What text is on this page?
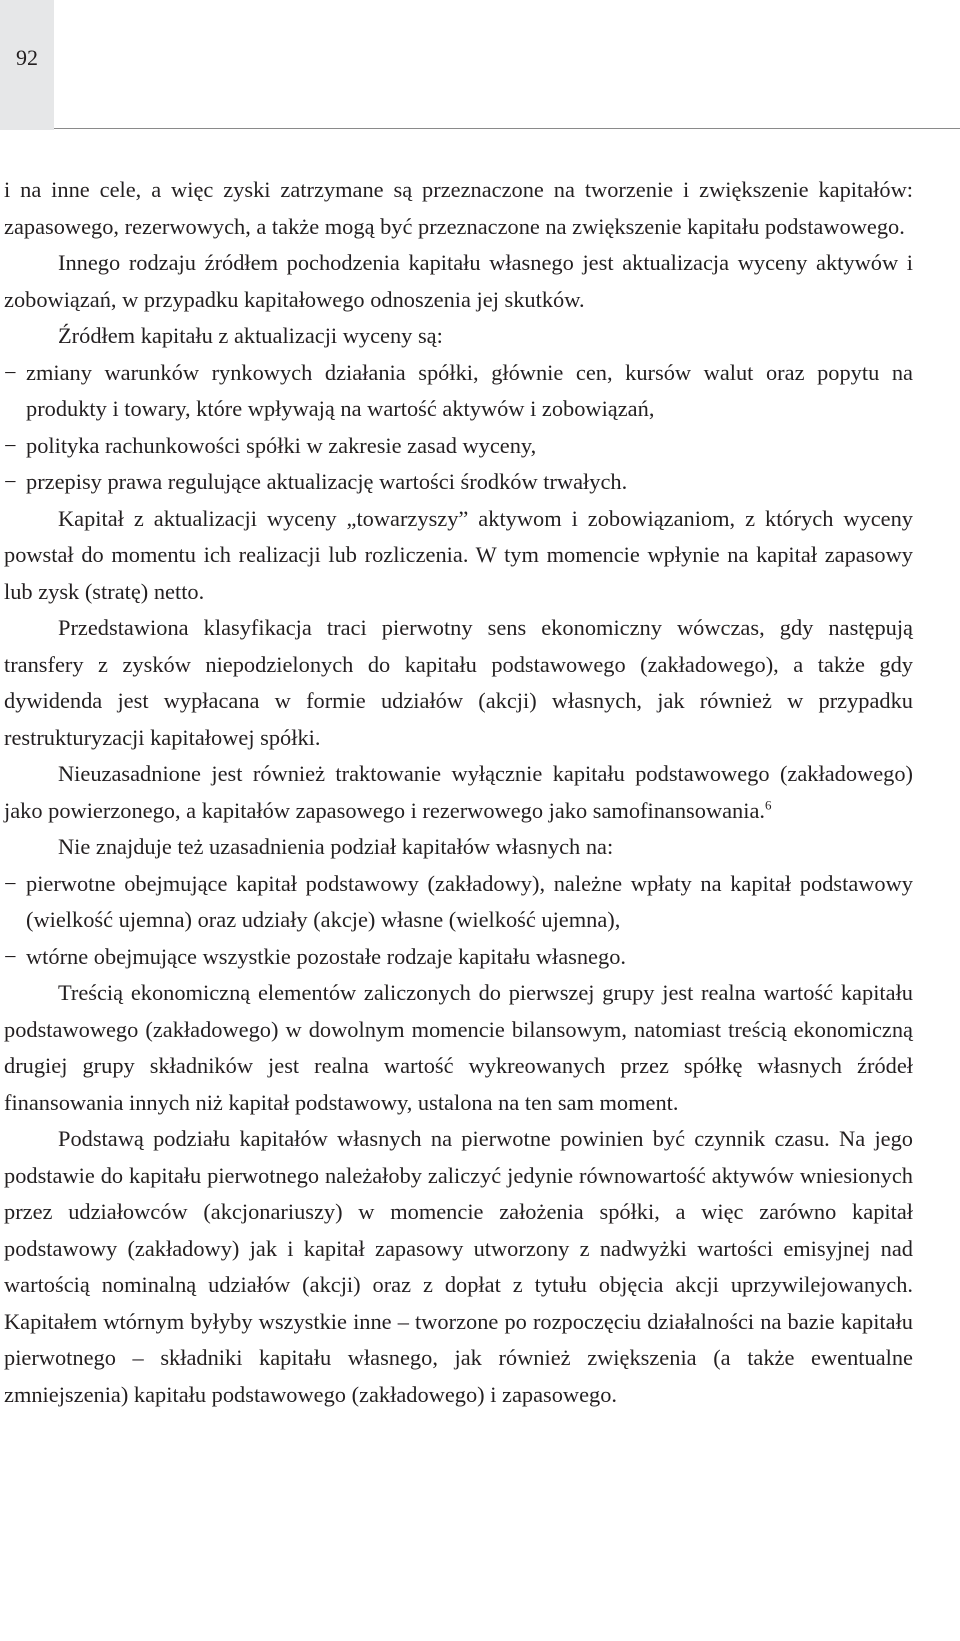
92

i na inne cele, a więc zyski zatrzymane są przeznaczone na tworzenie i zwiększenie kapitałów: zapasowego, rezerwowych, a także mogą być przeznaczone na zwiększenie kapitału podstawowego.

Innego rodzaju źródłem pochodzenia kapitału własnego jest aktualizacja wyceny aktywów i zobowiązań, w przypadku kapitałowego odnoszenia jej skutków.

Źródłem kapitału z aktualizacji wyceny są:

− zmiany warunków rynkowych działania spółki, głównie cen, kursów walut oraz popytu na produkty i towary, które wpływają na wartość aktywów i zobowiązań,
− polityka rachunkowości spółki w zakresie zasad wyceny,
− przepisy prawa regulujące aktualizację wartości środków trwałych.

Kapitał z aktualizacji wyceny „towarzyszy” aktywom i zobowiązaniom, z których wyceny powstał do momentu ich realizacji lub rozliczenia. W tym momencie wpłynie na kapitał zapasowy lub zysk (stratę) netto.

Przedstawiona klasyfikacja traci pierwotny sens ekonomiczny wówczas, gdy następują transfery z zysków niepodzielonych do kapitału podstawowego (zakładowego), a także gdy dywidenda jest wypłacana w formie udziałów (akcji) własnych, jak również w przypadku restrukturyzacji kapitałowej spółki.

Nieuzasadnione jest również traktowanie wyłącznie kapitału podstawowego (zakładowego) jako powierzonego, a kapitałów zapasowego i rezerwowego jako samofinansowania.$^6$

Nie znajduje też uzasadnienia podział kapitałów własnych na:

− pierwotne obejmujące kapitał podstawowy (zakładowy), należne wpłaty na kapitał podstawowy (wielkość ujemna) oraz udziały (akcje) własne (wielkość ujemna),
− wtórne obejmujące wszystkie pozostałe rodzaje kapitału własnego.

Treścią ekonomiczną elementów zaliczonych do pierwszej grupy jest realna wartość kapitału podstawowego (zakładowego) w dowolnym momencie bilansowym, natomiast treścią ekonomiczną drugiej grupy składników jest realna wartość wykreowanych przez spółkę własnych źródeł finansowania innych niż kapitał podstawowy, ustalona na ten sam moment.

Podstawą podziału kapitałów własnych na pierwotne powinien być czynnik czasu. Na jego podstawie do kapitału pierwotnego należałoby zaliczyć jedynie równowartość aktywów wniesionych przez udziałowców (akcjonariuszy) w momencie założenia spółki, a więc zarówno kapitał podstawowy (zakładowy) jak i kapitał zapasowy utworzony z nadwyżki wartości emisyjnej nad wartością nominalną udziałów (akcji) oraz z dopłat z tytułu objęcia akcji uprzywilejowanych. Kapitałem wtórnym byłyby wszystkie inne – tworzone po rozpoczęciu działalności na bazie kapitału pierwotnego – składniki kapitału własnego, jak również zwiększenia (a także ewentualne zmniejszenia) kapitału podstawowego (zakładowego) i zapasowego.
